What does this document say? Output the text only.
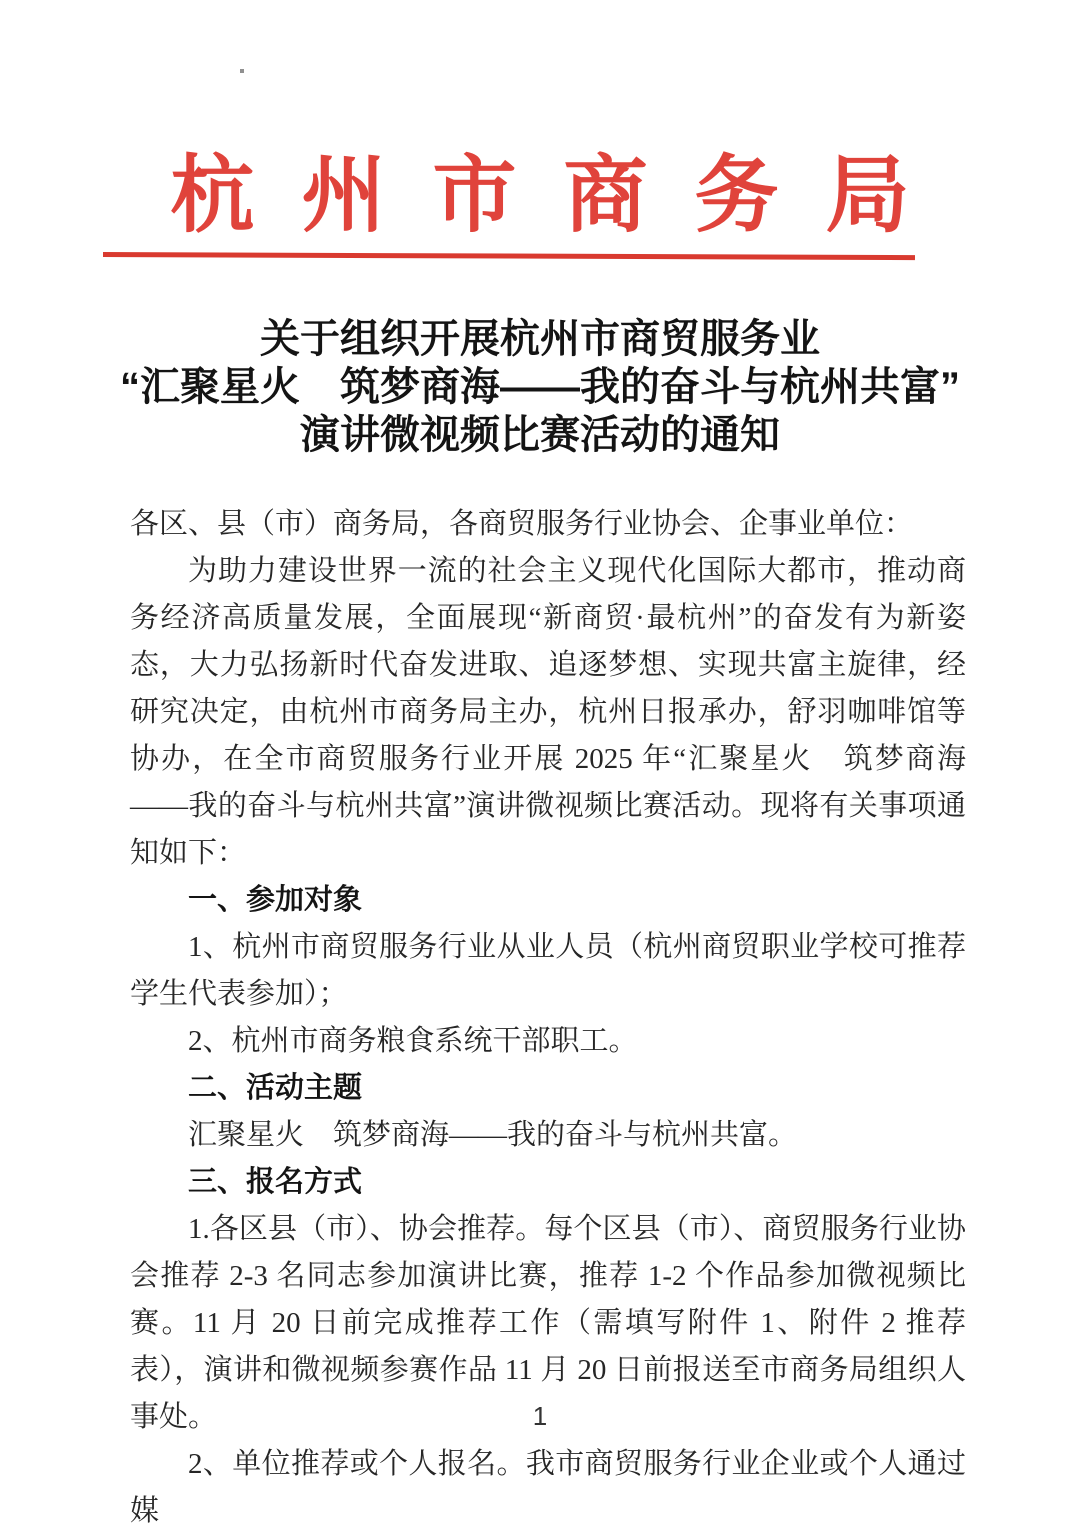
杭 州 市 商 务 局
关于组织开展杭州市商贸服务业
“汇聚星火　筑梦商海——我的奋斗与杭州共富”
演讲微视频比赛活动的通知

各区、县（市）商务局，各商贸服务行业协会、企事业单位：

为助力建设世界一流的社会主义现代化国际大都市，推动商务经济高质量发展，全面展现“新商贸·最杭州”的奋发有为新姿态，大力弘扬新时代奋发进取、追逐梦想、实现共富主旋律，经研究决定，由杭州市商务局主办，杭州日报承办，舒羽咖啡馆等协办，在全市商贸服务行业开展 2025 年“汇聚星火　筑梦商海——我的奋斗与杭州共富”演讲微视频比赛活动。现将有关事项通知如下：

一、参加对象

1、杭州市商贸服务行业从业人员（杭州商贸职业学校可推荐学生代表参加）；

2、杭州市商务粮食系统干部职工。

二、活动主题

汇聚星火　筑梦商海——我的奋斗与杭州共富。

三、报名方式

1.各区县（市）、协会推荐。每个区县（市）、商贸服务行业协会推荐 2-3 名同志参加演讲比赛，推荐 1-2 个作品参加微视频比赛。11 月 20 日前完成推荐工作（需填写附件 1、附件 2 推荐表），演讲和微视频参赛作品 11 月 20 日前报送至市商务局组织人事处。

2、单位推荐或个人报名。我市商贸服务行业企业或个人通过媒

1
